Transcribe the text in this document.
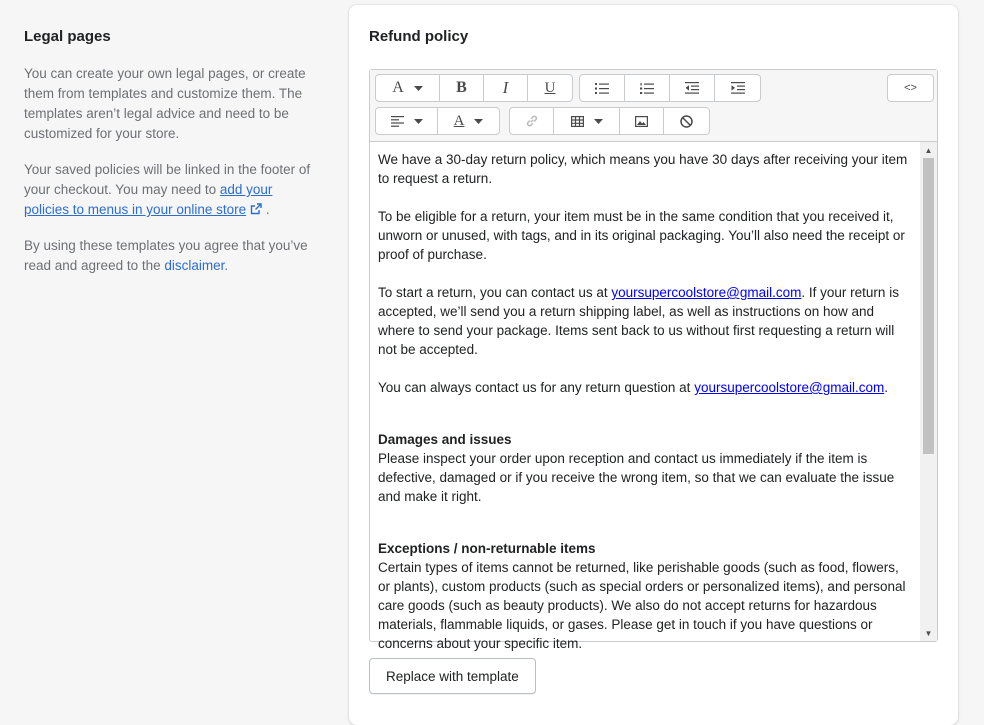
Legal pages

You can create your own legal pages, or create them from templates and customize them. The templates aren’t legal advice and need to be customized for your store.

Your saved policies will be linked in the footer of your checkout. You may need to add your policies to menus in your online store .

By using these templates you agree that you’ve read and agreed to the disclaimer.

Refund policy
A	B I U	<>
A

We have a 30-day return policy, which means you have 30 days after receiving your item to request a return.

To be eligible for a return, your item must be in the same condition that you received it, unworn or unused, with tags, and in its original packaging. You’ll also need the receipt or proof of purchase.

To start a return, you can contact us at yoursupercoolstore@gmail.com. If your return is accepted, we’ll send you a return shipping label, as well as instructions on how and where to send your package. Items sent back to us without first requesting a return will not be accepted.

You can always contact us for any return question at yoursupercoolstore@gmail.com.

Damages and issues
Please inspect your order upon reception and contact us immediately if the item is defective, damaged or if you receive the wrong item, so that we can evaluate the issue and make it right.

Exceptions / non-returnable items
Certain types of items cannot be returned, like perishable goods (such as food, flowers, or plants), custom products (such as special orders or personalized items), and personal care goods (such as beauty products). We also do not accept returns for hazardous materials, flammable liquids, or gases. Please get in touch if you have questions or concerns about your specific item.

▲
▼
Replace with template
